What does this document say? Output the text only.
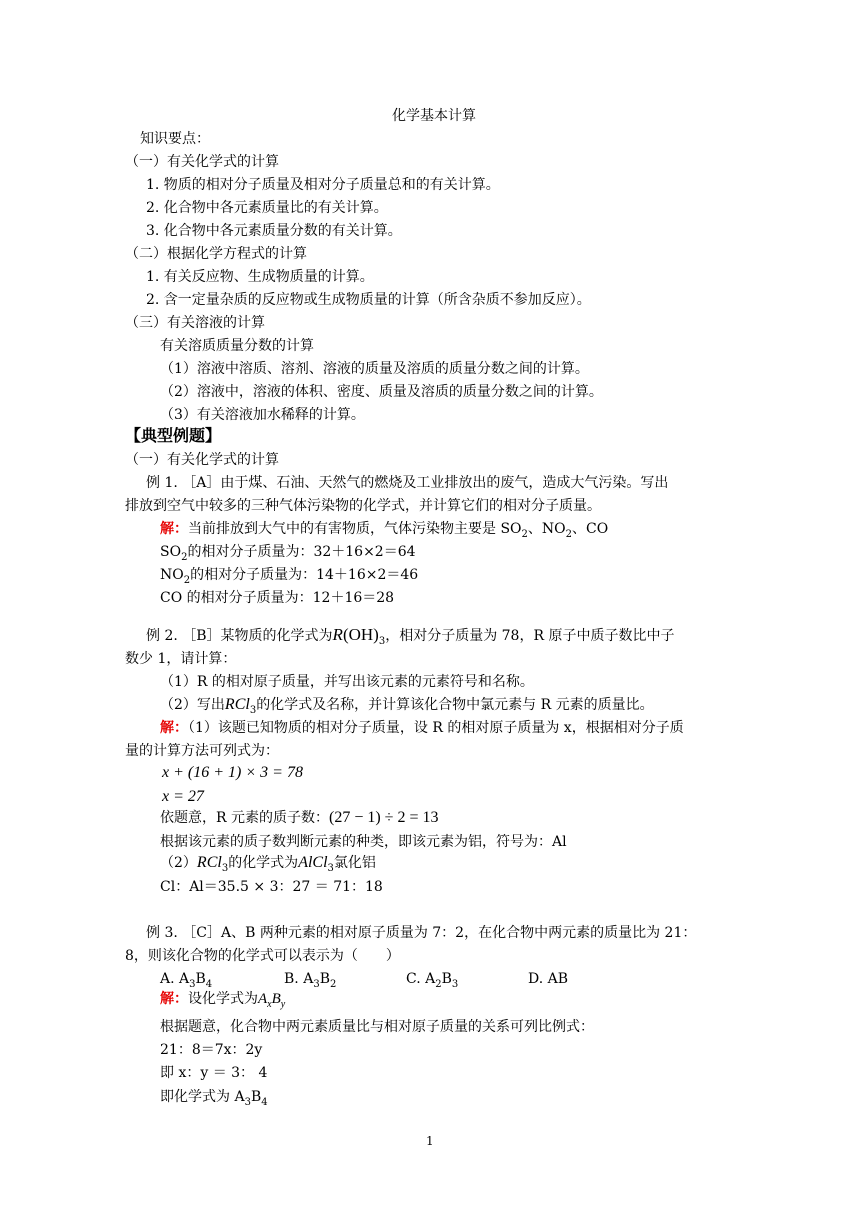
化学基本计算
知识要点：
（一）有关化学式的计算
1. 物质的相对分子质量及相对分子质量总和的有关计算。
2. 化合物中各元素质量比的有关计算。
3. 化合物中各元素质量分数的有关计算。
（二）根据化学方程式的计算
1. 有关反应物、生成物质量的计算。
2. 含一定量杂质的反应物或生成物质量的计算（所含杂质不参加反应）。
（三）有关溶液的计算
有关溶质质量分数的计算
（1）溶液中溶质、溶剂、溶液的质量及溶质的质量分数之间的计算。
（2）溶液中，溶液的体积、密度、质量及溶质的质量分数之间的计算。
（3）有关溶液加水稀释的计算。
【典型例题】
（一）有关化学式的计算
例 1. ［A］由于煤、石油、天然气的燃烧及工业排放出的废气，造成大气污染。写出
排放到空气中较多的三种气体污染物的化学式，并计算它们的相对分子质量。
解：当前排放到大气中的有害物质，气体污染物主要是 $SO_2$、$NO_2$、CO
$SO_2$的相对分子质量为：32＋16×2＝64
$NO_2$的相对分子质量为：14＋16×2＝46
CO 的相对分子质量为：12＋16＝28
例 2. ［B］某物质的化学式为$R(OH)_3$，相对分子质量为 78，R 原子中质子数比中子
数少 1，请计算：
（1）R 的相对原子质量，并写出该元素的元素符号和名称。
（2）写出RCl$_3$的化学式及名称，并计算该化合物中氯元素与 R 元素的质量比。
解：（1）该题已知物质的相对分子质量，设 R 的相对原子质量为 x，根据相对分子质
量的计算方法可列式为：
x + (16 + 1) × 3 = 78
x = 27
依题意，R 元素的质子数：(27 − 1) ÷ 2 = 13
根据该元素的质子数判断元素的种类，即该元素为铝，符号为：Al
（2）RCl$_3$的化学式为AlCl$_3$氯化铝
Cl：Al＝35.5 × 3：27 ＝ 71：18
例 3. ［C］A、B 两种元素的相对原子质量为 7：2，在化合物中两元素的质量比为 21：
8，则该化合物的化学式可以表示为（　　）
A. $A_3B_4$	B. $A_3B_2$	C. $A_2B_3$	D. AB
解：设化学式为$A_xB_y$
根据题意，化合物中两元素质量比与相对原子质量的关系可列比例式：
21：8＝7x：2y
即 x：y ＝ 3： 4
即化学式为 $A_3B_4$
1
